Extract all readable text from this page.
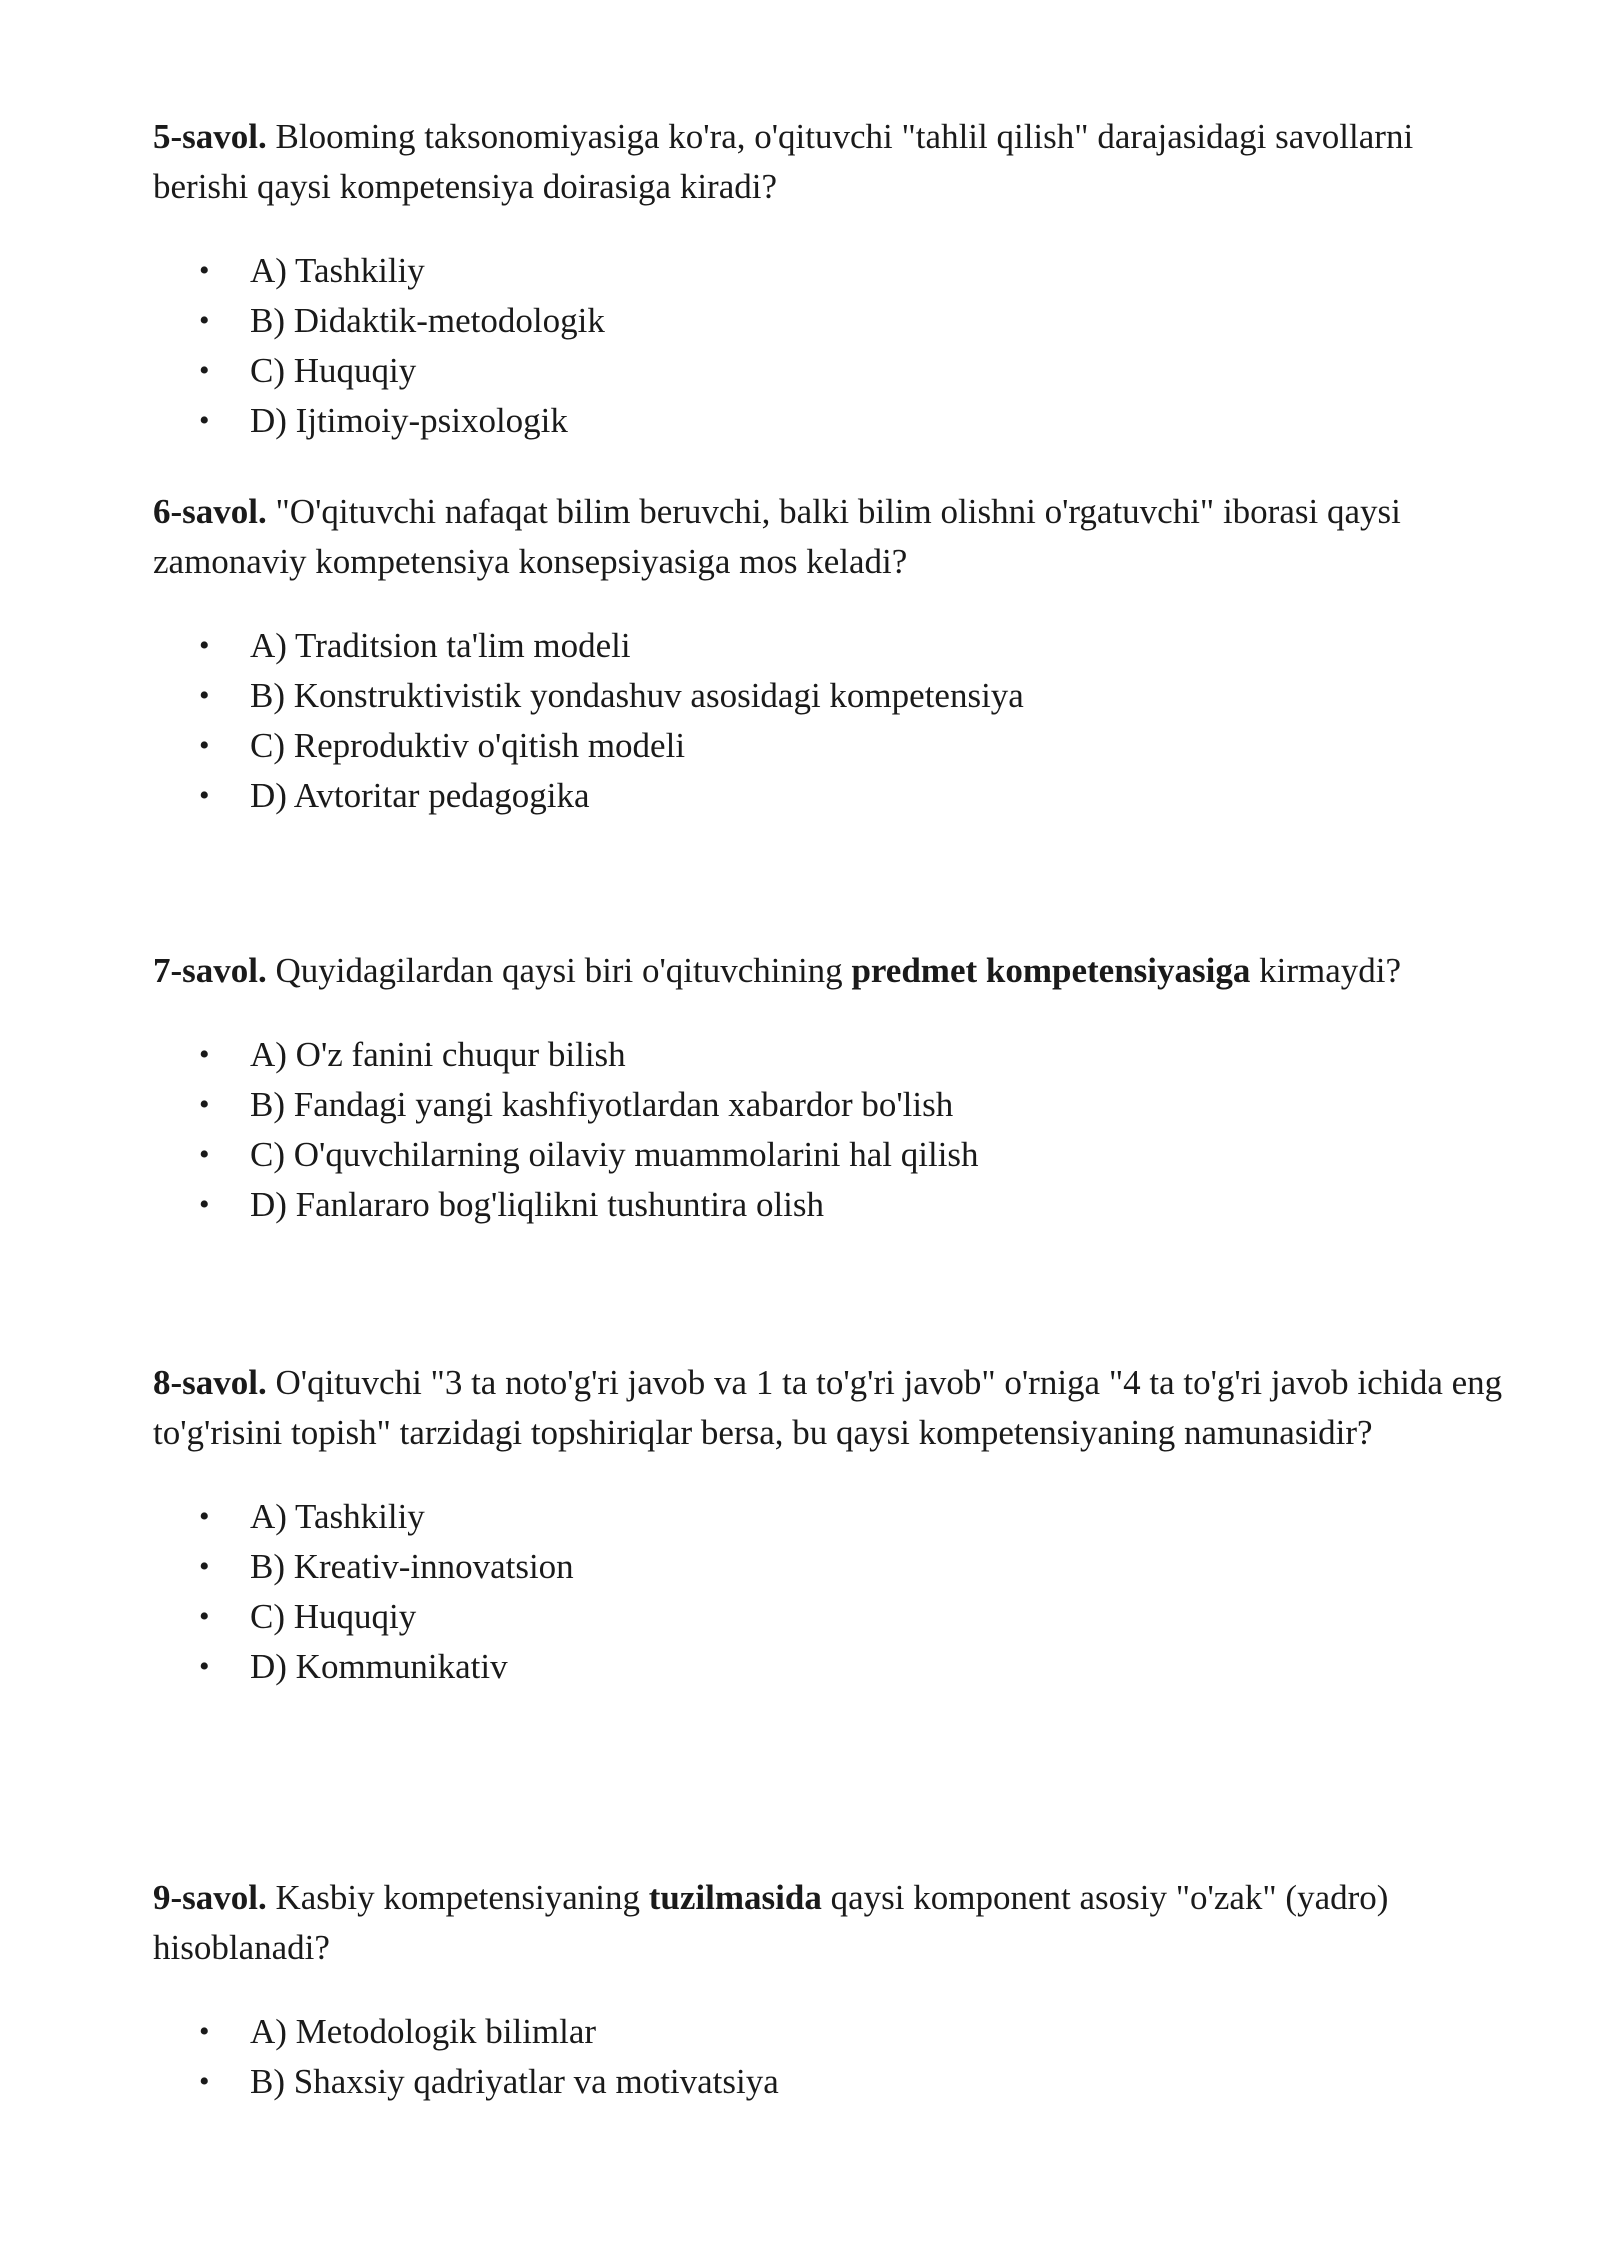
5-savol. Blooming taksonomiyasiga ko'ra, o'qituvchi "tahlil qilish" darajasidagi savollarni berishi qaysi kompetensiya doirasiga kiradi?

• A) Tashkiliy
• B) Didaktik-metodologik
• C) Huquqiy
• D) Ijtimoiy-psixologik

6-savol. "O'qituvchi nafaqat bilim beruvchi, balki bilim olishni o'rgatuvchi" iborasi qaysi zamonaviy kompetensiya konsepsiyasiga mos keladi?

• A) Traditsion ta'lim modeli
• B) Konstruktivistik yondashuv asosidagi kompetensiya
• C) Reproduktiv o'qitish modeli
• D) Avtoritar pedagogika

7-savol. Quyidagilardan qaysi biri o'qituvchining predmet kompetensiyasiga kirmaydi?

• A) O'z fanini chuqur bilish
• B) Fandagi yangi kashfiyotlardan xabardor bo'lish
• C) O'quvchilarning oilaviy muammolarini hal qilish
• D) Fanlararo bog'liqlikni tushuntira olish

8-savol. O'qituvchi "3 ta noto'g'ri javob va 1 ta to'g'ri javob" o'rniga "4 ta to'g'ri javob ichida eng to'g'risini topish" tarzidagi topshiriqlar bersa, bu qaysi kompetensiyaning namunasidir?

• A) Tashkiliy
• B) Kreativ-innovatsion
• C) Huquqiy
• D) Kommunikativ

9-savol. Kasbiy kompetensiyaning tuzilmasida qaysi komponent asosiy "o'zak" (yadro) hisoblanadi?

• A) Metodologik bilimlar
• B) Shaxsiy qadriyatlar va motivatsiya
